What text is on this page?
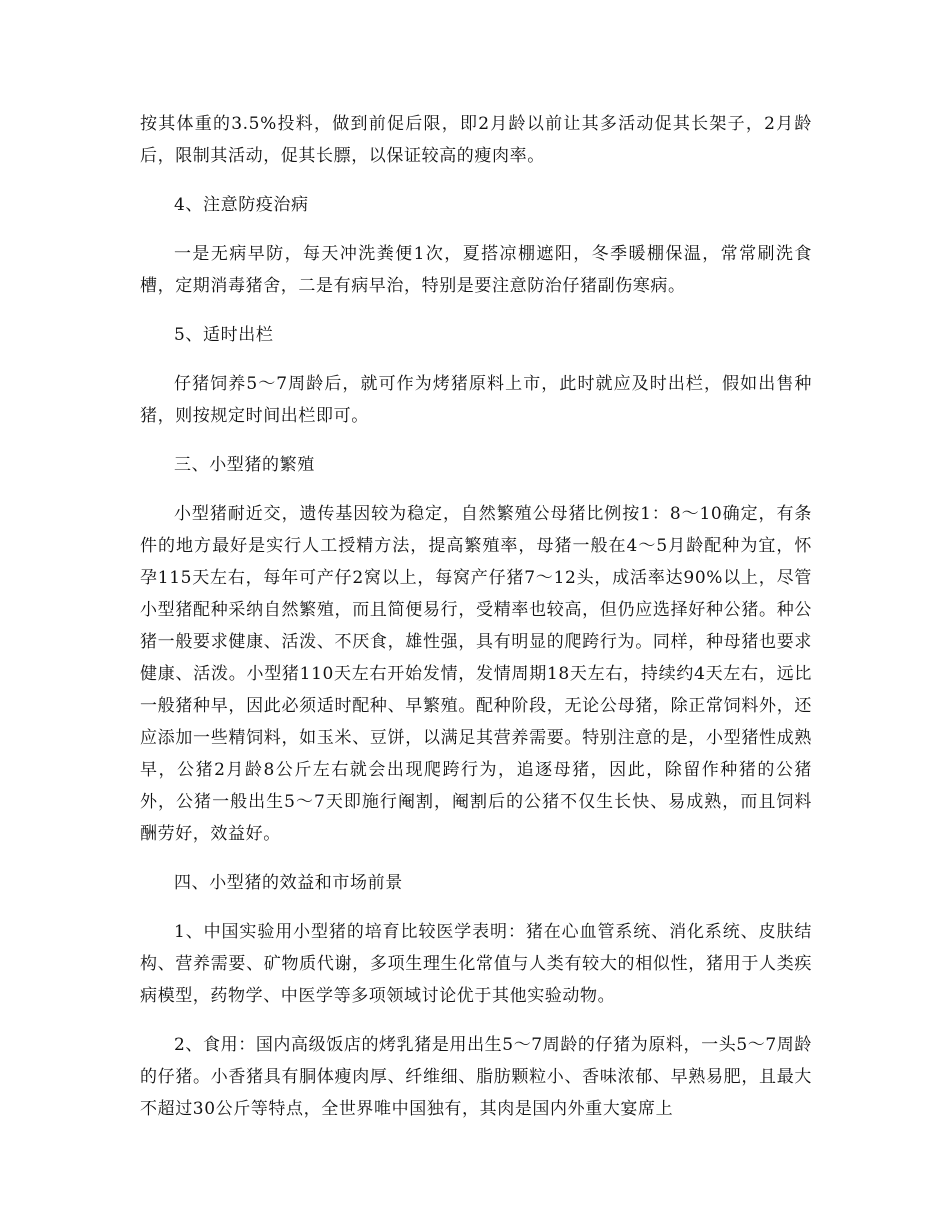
按其体重的3.5%投料，做到前促后限，即2月龄以前让其多活动促其长架子，2月龄后，限制其活动，促其长膘，以保证较高的瘦肉率。

4、注意防疫治病

一是无病早防，每天冲洗粪便1次，夏搭凉棚遮阳，冬季暖棚保温，常常刷洗食槽，定期消毒猪舍，二是有病早治，特别是要注意防治仔猪副伤寒病。

5、适时出栏

仔猪饲养5～7周龄后，就可作为烤猪原料上市，此时就应及时出栏，假如出售种猪，则按规定时间出栏即可。

三、小型猪的繁殖

小型猪耐近交，遗传基因较为稳定，自然繁殖公母猪比例按1：8～10确定，有条件的地方最好是实行人工授精方法，提高繁殖率，母猪一般在4～5月龄配种为宜，怀孕115天左右，每年可产仔2窝以上，每窝产仔猪7～12头，成活率达90%以上，尽管小型猪配种采纳自然繁殖，而且简便易行，受精率也较高，但仍应选择好种公猪。种公猪一般要求健康、活泼、不厌食，雄性强，具有明显的爬跨行为。同样，种母猪也要求健康、活泼。小型猪110天左右开始发情，发情周期18天左右，持续约4天左右，远比一般猪种早，因此必须适时配种、早繁殖。配种阶段，无论公母猪，除正常饲料外，还应添加一些精饲料，如玉米、豆饼，以满足其营养需要。特别注意的是，小型猪性成熟早，公猪2月龄8公斤左右就会出现爬跨行为，追逐母猪，因此，除留作种猪的公猪外，公猪一般出生5～7天即施行阉割，阉割后的公猪不仅生长快、易成熟，而且饲料酬劳好，效益好。

四、小型猪的效益和市场前景

1、中国实验用小型猪的培育比较医学表明：猪在心血管系统、消化系统、皮肤结构、营养需要、矿物质代谢，多项生理生化常值与人类有较大的相似性，猪用于人类疾病模型，药物学、中医学等多项领域讨论优于其他实验动物。

2、食用：国内高级饭店的烤乳猪是用出生5～7周龄的仔猪为原料，一头5～7周龄的仔猪。小香猪具有胴体瘦肉厚、纤维细、脂肪颗粒小、香味浓郁、早熟易肥，且最大不超过30公斤等特点，全世界唯中国独有，其肉是国内外重大宴席上
